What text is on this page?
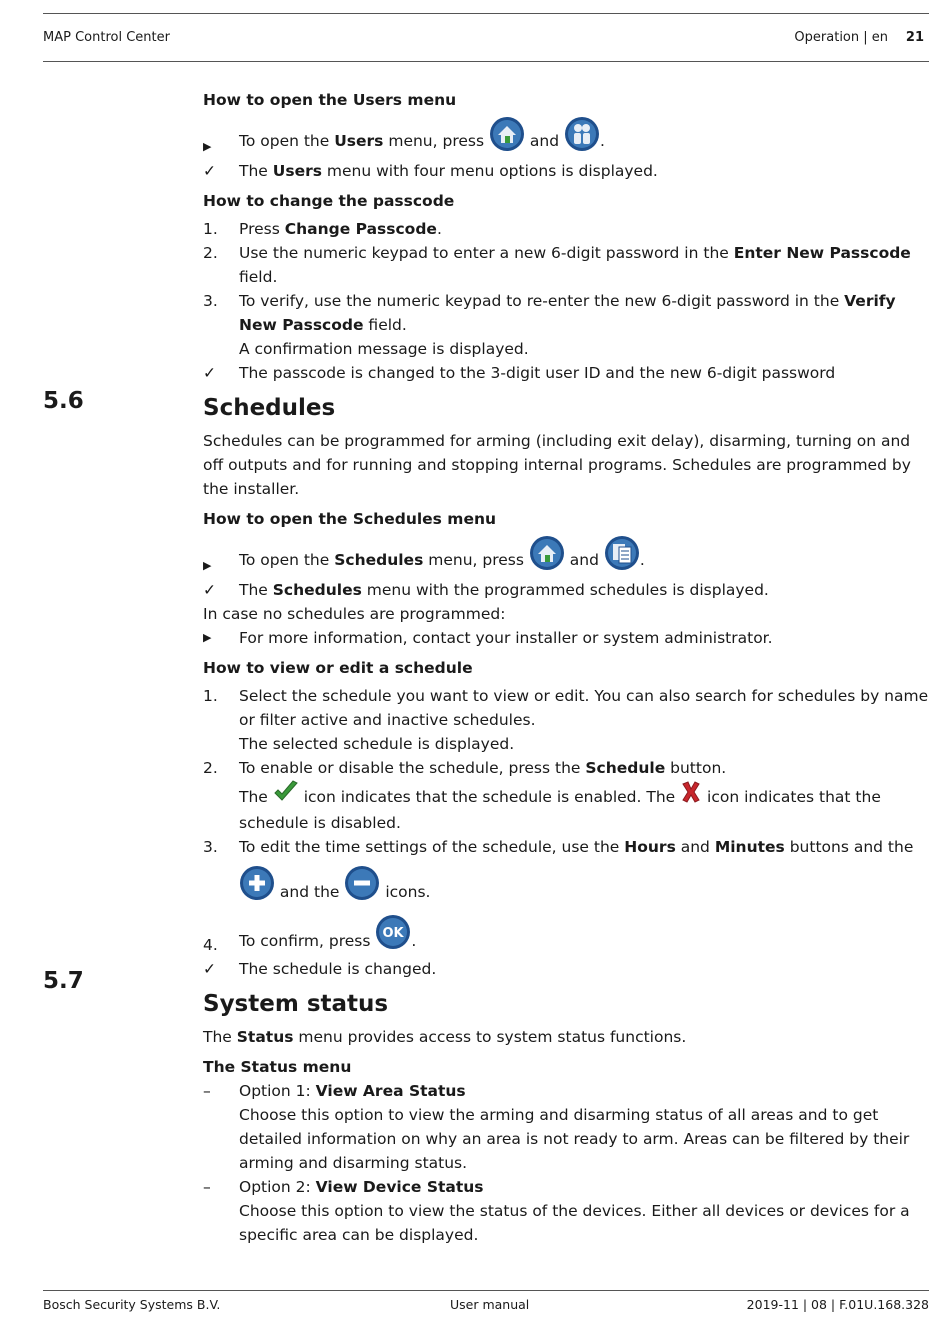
MAP Control Center	Operation | en 21
5.6
5.7
How to open the Users menu
▶	To open the Users menu, press  and .
✓	The Users menu with four menu options is displayed.
How to change the passcode
1.	Press Change Passcode.
2.	Use the numeric keypad to enter a new 6-digit password in the Enter New Passcode field.
3.	To verify, use the numeric keypad to re-enter the new 6-digit password in the Verify New Passcode field.
A confirmation message is displayed.
✓	The passcode is changed to the 3-digit user ID and the new 6-digit password
Schedules
Schedules can be programmed for arming (including exit delay), disarming, turning on and off outputs and for running and stopping internal programs. Schedules are programmed by the installer.
How to open the Schedules menu
▶	To open the Schedules menu, press  and .
✓	The Schedules menu with the programmed schedules is displayed.
In case no schedules are programmed:
▶	For more information, contact your installer or system administrator.
How to view or edit a schedule
1.	Select the schedule you want to view or edit. You can also search for schedules by name or filter active and inactive schedules.
The selected schedule is displayed.
2.	To enable or disable the schedule, press the Schedule button.
The  icon indicates that the schedule is enabled. The  icon indicates that the schedule is disabled.
3.	To edit the time settings of the schedule, use the Hours and Minutes buttons and the
and the  icons.
4.	To confirm, press OK .
✓	The schedule is changed.
System status
The Status menu provides access to system status functions.
The Status menu
–	Option 1: View Area Status
Choose this option to view the arming and disarming status of all areas and to get detailed information on why an area is not ready to arm. Areas can be filtered by their arming and disarming status.
–	Option 2: View Device Status
Choose this option to view the status of the devices. Either all devices or devices for a specific area can be displayed.
Bosch Security Systems B.V.	User manual	2019-11 | 08 | F.01U.168.328
